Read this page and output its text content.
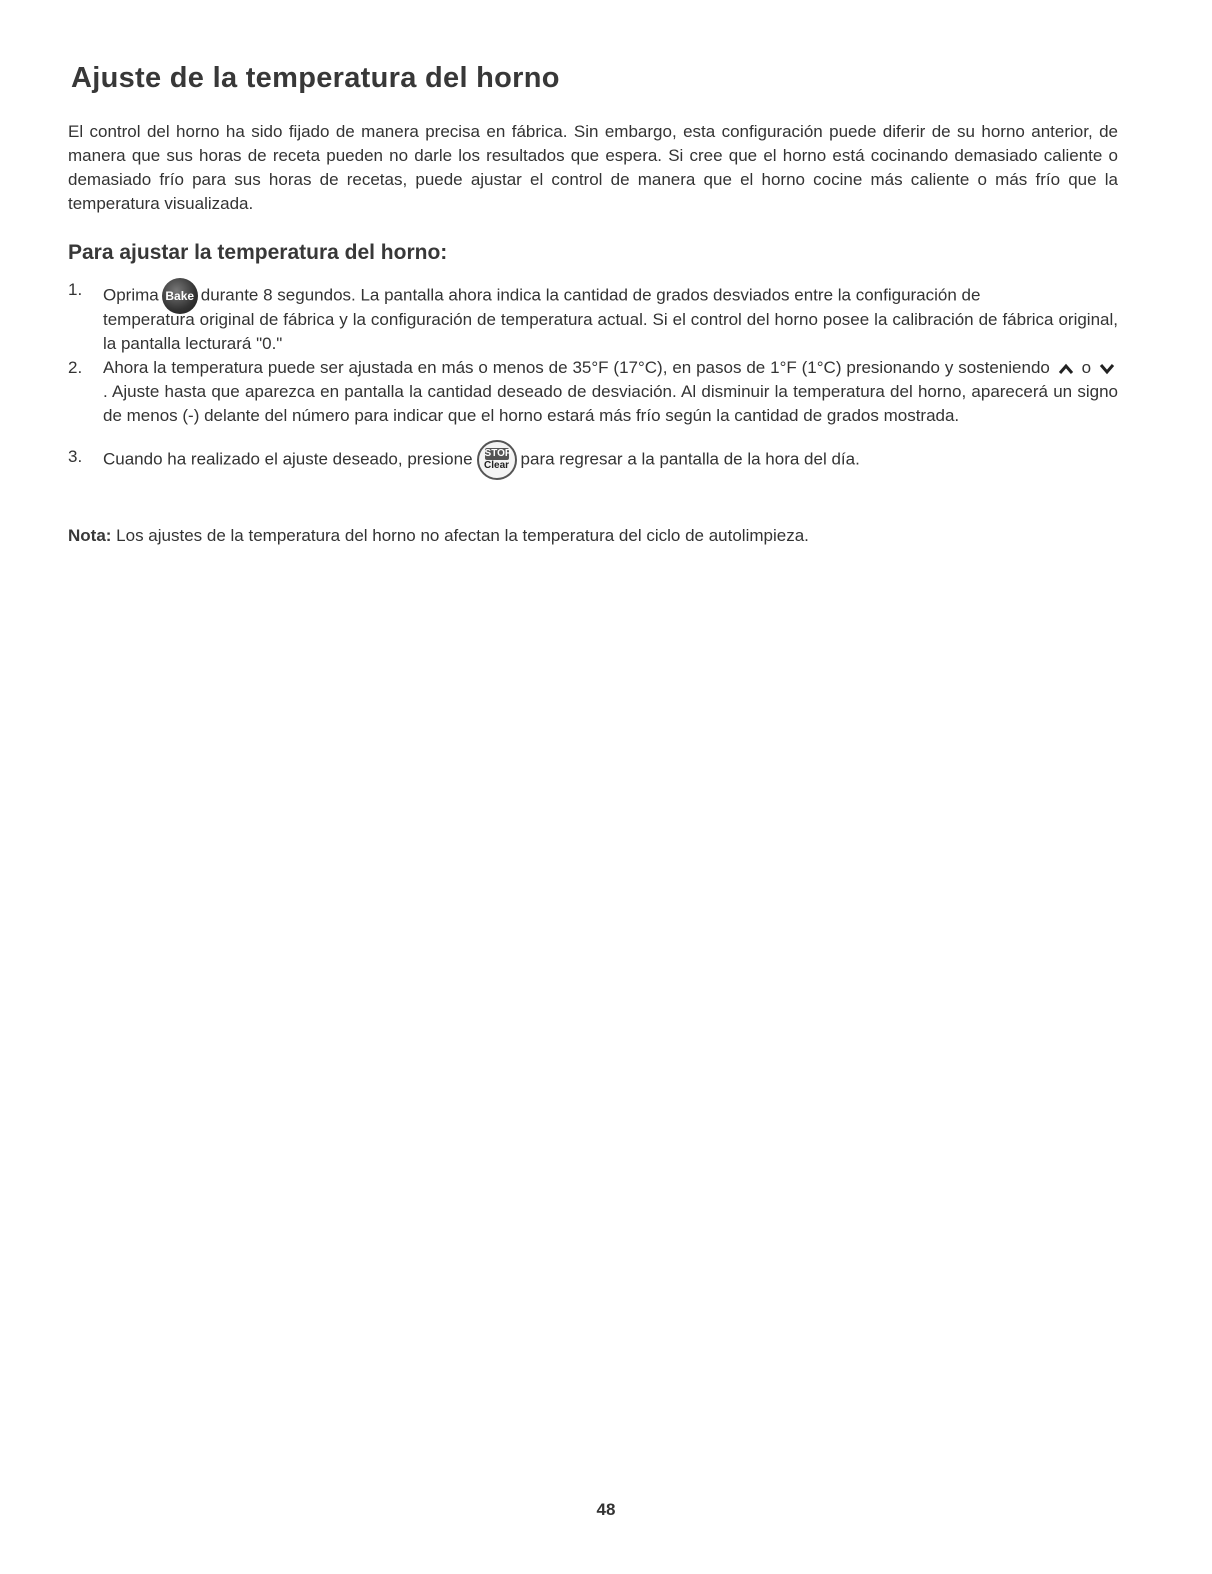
Ajuste de la temperatura del horno

El control del horno ha sido fijado de manera precisa en fábrica. Sin embargo, esta configuración puede diferir de su horno anterior, de manera que sus horas de receta pueden no darle los resultados que espera. Si cree que el horno está cocinando demasiado caliente o demasiado frío para sus horas de recetas, puede ajustar el control de manera que el horno cocine más caliente o más frío que la temperatura visualizada.

Para ajustar la temperatura del horno:
1. Oprima Bake durante 8 segundos. La pantalla ahora indica la cantidad de grados desviados entre la configuración de
temperatura original de fábrica y la configuración de temperatura actual. Si el control del horno posee la calibración de fábrica original, la pantalla lecturará "0."
2. Ahora la temperatura puede ser ajustada en más o menos de 35°F (17°C), en pasos de 1°F (1°C) presionando y sosteniendo o . Ajuste hasta que aparezca en pantalla la cantidad deseado de desviación. Al disminuir la temperatura del horno, aparecerá un signo de menos (-) delante del número para indicar que el horno estará más frío según la cantidad de grados mostrada.
3. Cuando ha realizado el ajuste deseado, presione STOP
Clear para regresar a la pantalla de la hora del día.

Nota: Los ajustes de la temperatura del horno no afectan la temperatura del ciclo de autolimpieza.

48
